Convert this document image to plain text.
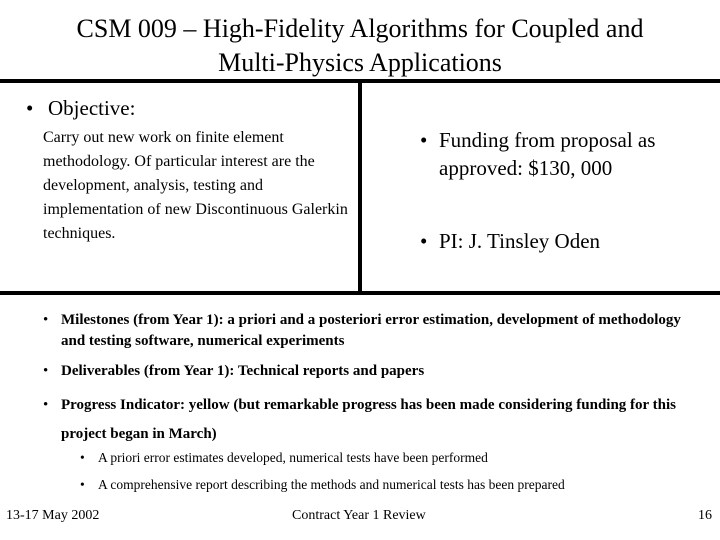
CSM 009 – High-Fidelity Algorithms for Coupled and
Multi-Physics Applications
• Objective:
Carry out new work on finite element methodology. Of particular interest are the development, analysis, testing and implementation of new Discontinuous Galerkin techniques.
• Funding from proposal as approved: $130, 000
• PI: J. Tinsley Oden
• Milestones (from Year 1): a priori and a posteriori error estimation, development of methodology and testing software, numerical experiments
• Deliverables (from Year 1): Technical reports and papers
• Progress Indicator: yellow (but remarkable progress has been made considering funding for this project began in March)
• A priori error estimates developed, numerical tests have been performed
• A comprehensive report describing the methods and numerical tests has been prepared
13-17 May 2002	Contract Year 1 Review	16
